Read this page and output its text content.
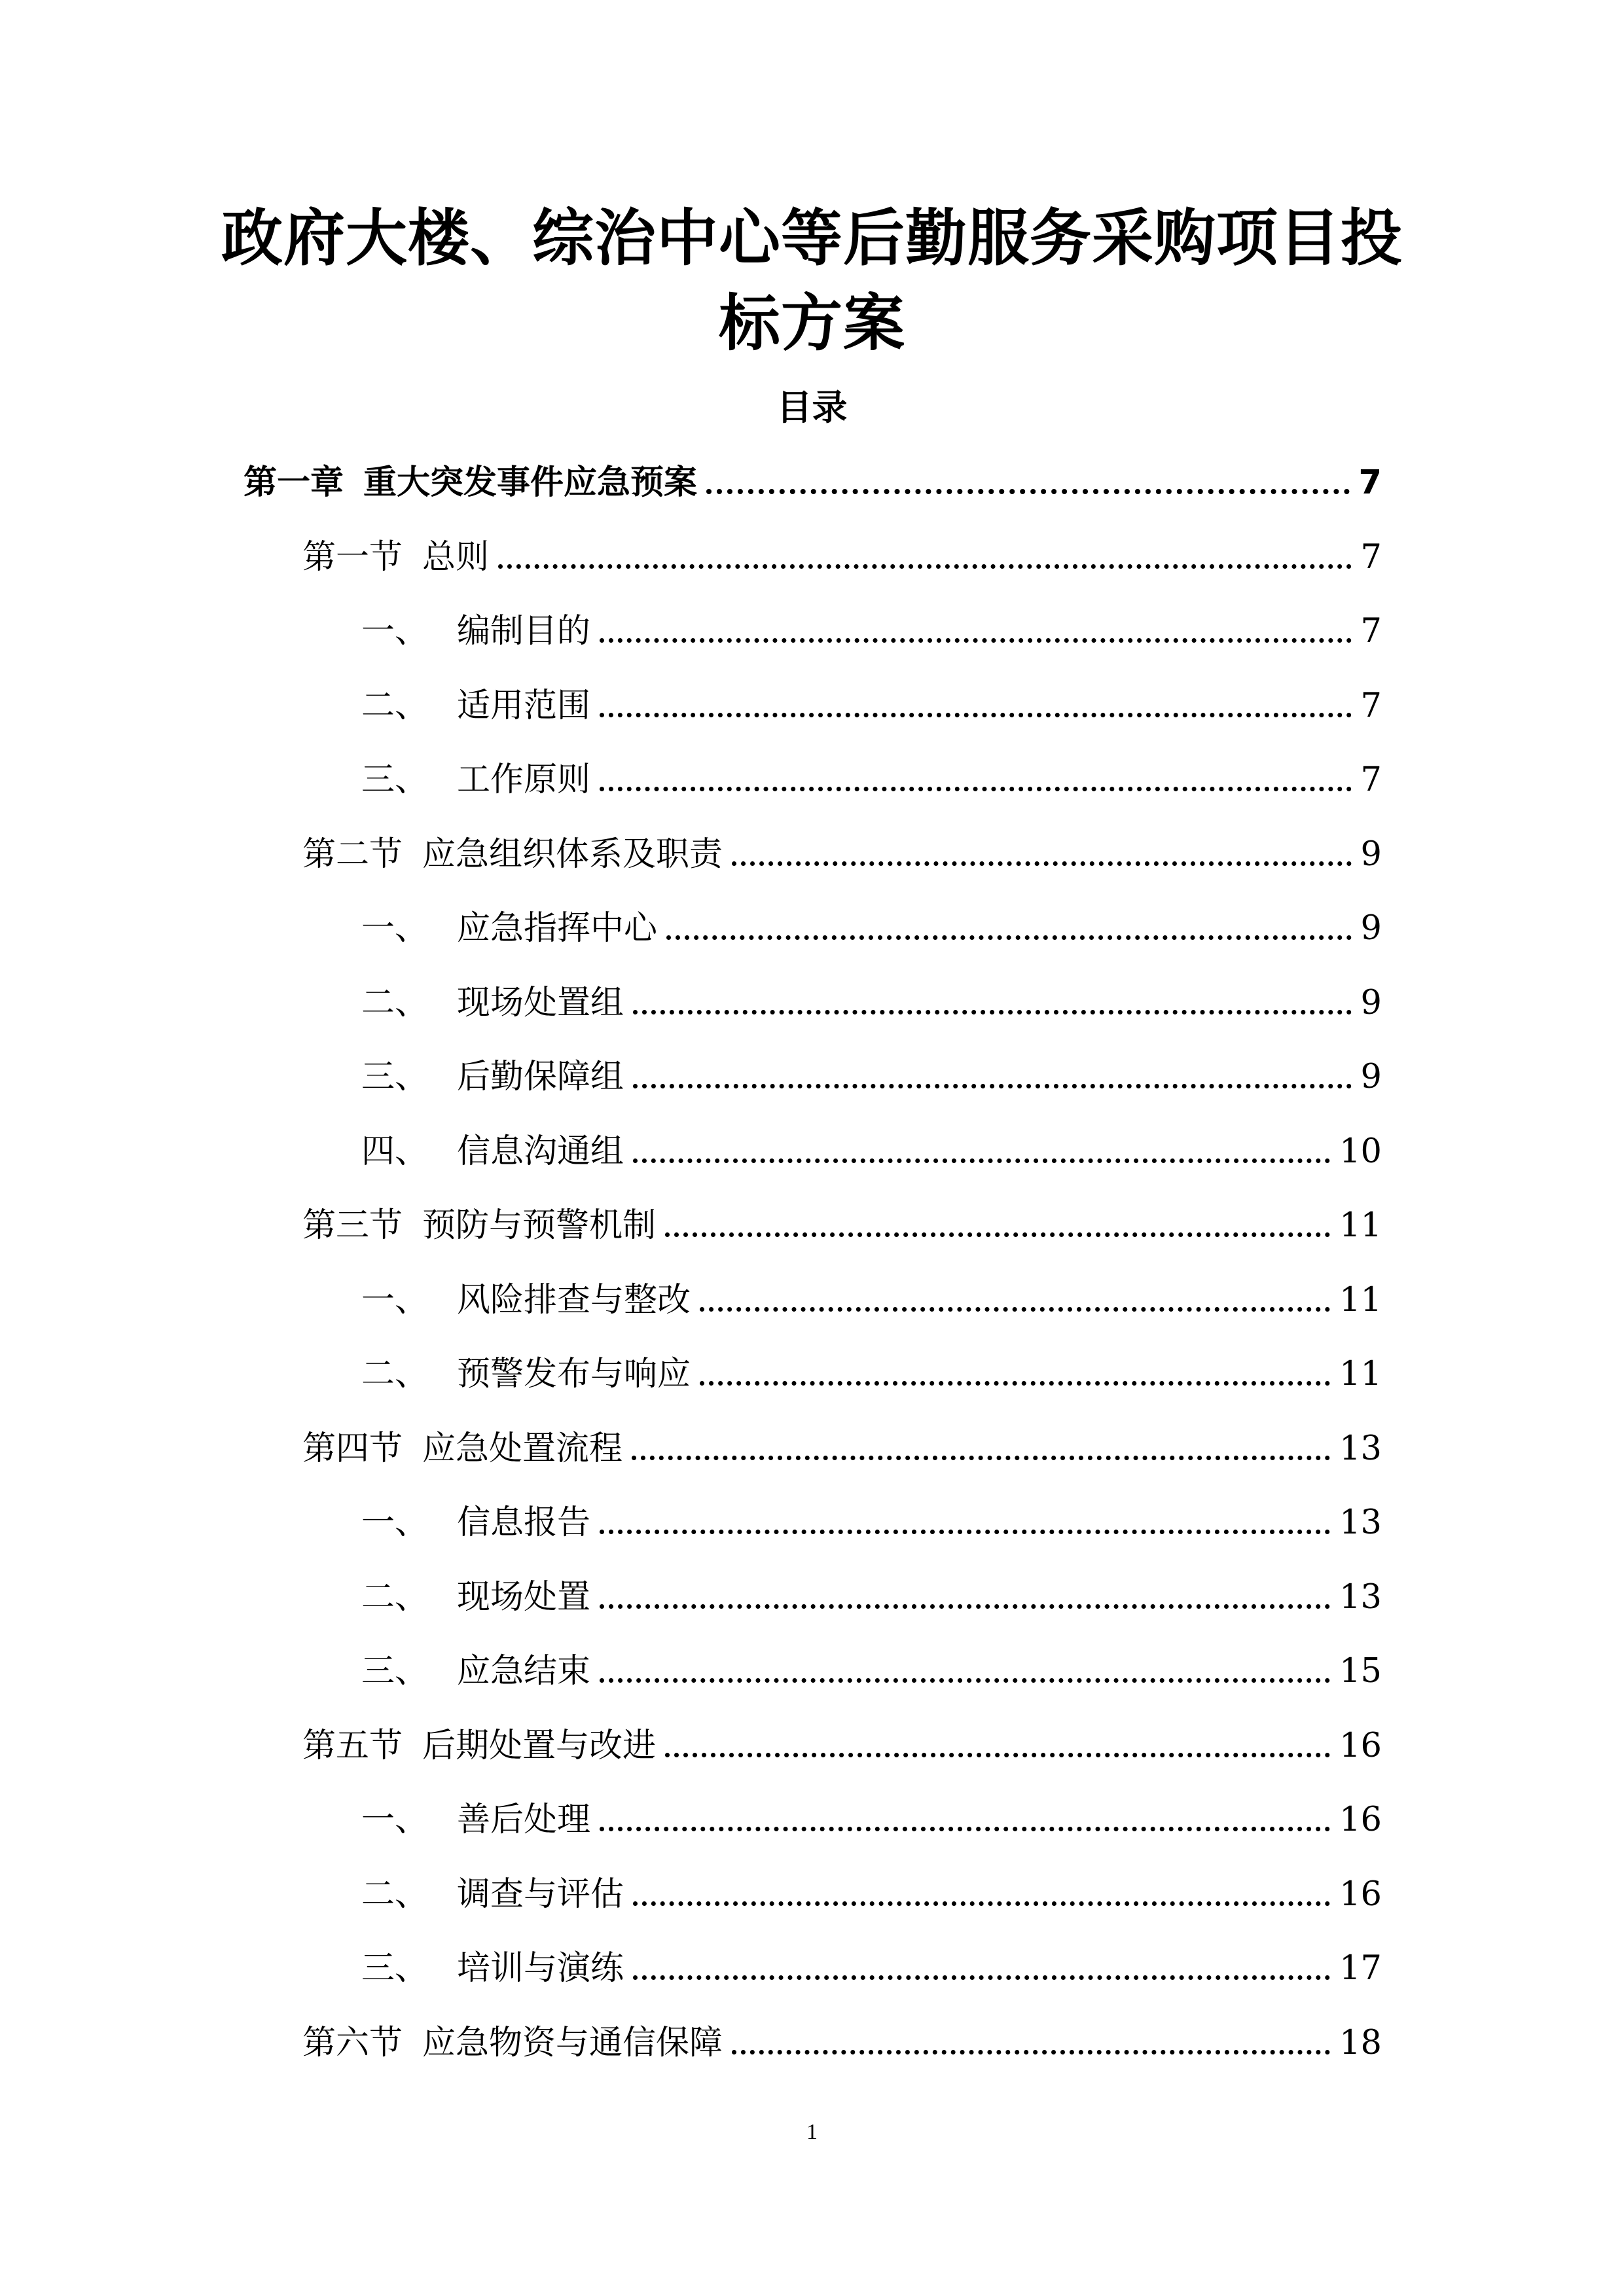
政府大楼、综治中心等后勤服务采购项目投标方案
目录
第一章 重大突发事件应急预案	7
第一节 总则	7
一、 编制目的	7
二、 适用范围	7
三、 工作原则	7
第二节 应急组织体系及职责	9
一、 应急指挥中心	9
二、 现场处置组	9
三、 后勤保障组	9
四、 信息沟通组	10
第三节 预防与预警机制	11
一、 风险排查与整改	11
二、 预警发布与响应	11
第四节 应急处置流程	13
一、 信息报告	13
二、 现场处置	13
三、 应急结束	15
第五节 后期处置与改进	16
一、 善后处理	16
二、 调查与评估	16
三、 培训与演练	17
第六节 应急物资与通信保障	18
1
